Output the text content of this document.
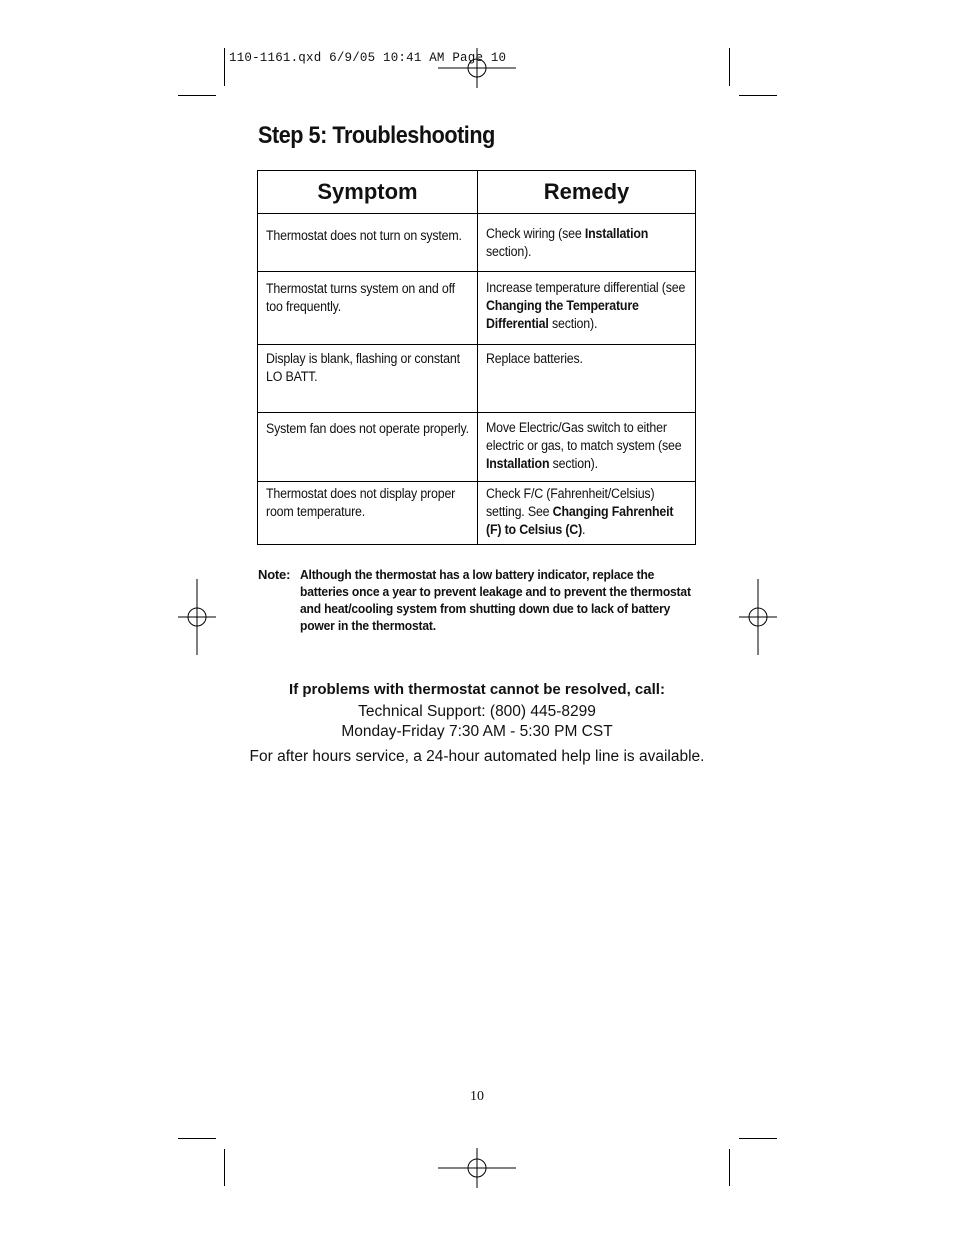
110-1161.qxd 6/9/05 10:41 AM Page 10
Step 5: Troubleshooting
Symptom	Remedy

Thermostat does not turn on system.	Check wiring (see Installation section).

Thermostat turns system on and off too frequently.	Increase temperature differential (see Changing the Temperature Differential section).

Display is blank, flashing or constant LO BATT.	Replace batteries.

System fan does not operate properly.	Move Electric/Gas switch to either electric or gas, to match system (see Installation section).

Thermostat does not display proper room temperature.	Check F/C (Fahrenheit/Celsius) setting. See Changing Fahrenheit (F) to Celsius (C).
Note: Although the thermostat has a low battery indicator, replace the batteries once a year to prevent leakage and to prevent the thermostat and heat/cooling system from shutting down due to lack of battery power in the thermostat.
If problems with thermostat cannot be resolved, call:
Technical Support: (800) 445-8299
Monday-Friday 7:30 AM - 5:30 PM CST
For after hours service, a 24-hour automated help line is available.
10
